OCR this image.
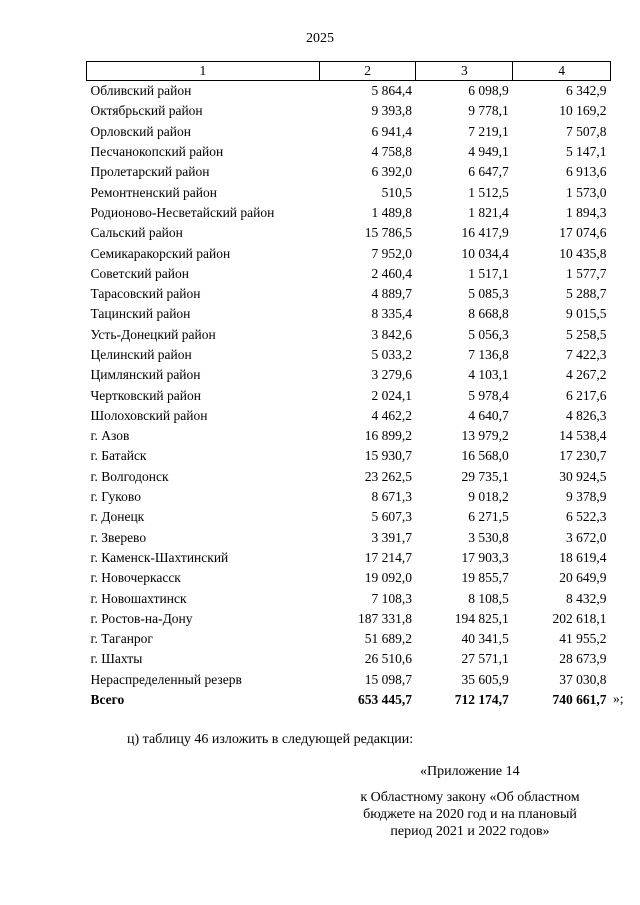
2025
1	2	3	4
Обливский район	5 864,4	6 098,9	6 342,9
Октябрьский район	9 393,8	9 778,1	10 169,2
Орловский район	6 941,4	7 219,1	7 507,8
Песчанокопский район	4 758,8	4 949,1	5 147,1
Пролетарский район	6 392,0	6 647,7	6 913,6
Ремонтненский район	510,5	1 512,5	1 573,0
Родионово-Несветайский район	1 489,8	1 821,4	1 894,3
Сальский район	15 786,5	16 417,9	17 074,6
Семикаракорский район	7 952,0	10 034,4	10 435,8
Советский район	2 460,4	1 517,1	1 577,7
Тарасовский район	4 889,7	5 085,3	5 288,7
Тацинский район	8 335,4	8 668,8	9 015,5
Усть-Донецкий район	3 842,6	5 056,3	5 258,5
Целинский район	5 033,2	7 136,8	7 422,3
Цимлянский район	3 279,6	4 103,1	4 267,2
Чертковский район	2 024,1	5 978,4	6 217,6
Шолоховский район	4 462,2	4 640,7	4 826,3
г. Азов	16 899,2	13 979,2	14 538,4
г. Батайск	15 930,7	16 568,0	17 230,7
г. Волгодонск	23 262,5	29 735,1	30 924,5
г. Гуково	8 671,3	9 018,2	9 378,9
г. Донецк	5 607,3	6 271,5	6 522,3
г. Зверево	3 391,7	3 530,8	3 672,0
г. Каменск-Шахтинский	17 214,7	17 903,3	18 619,4
г. Новочеркасск	19 092,0	19 855,7	20 649,9
г. Новошахтинск	7 108,3	8 108,5	8 432,9
г. Ростов-на-Дону	187 331,8	194 825,1	202 618,1
г. Таганрог	51 689,2	40 341,5	41 955,2
г. Шахты	26 510,6	27 571,1	28 673,9
Нераспределенный резерв	15 098,7	35 605,9	37 030,8
Всего	653 445,7	712 174,7	740 661,7 »;
ц) таблицу 46 изложить в следующей редакции:
«Приложение 14
к Областному закону «Об областном
бюджете на 2020 год и на плановый
период 2021 и 2022 годов»
